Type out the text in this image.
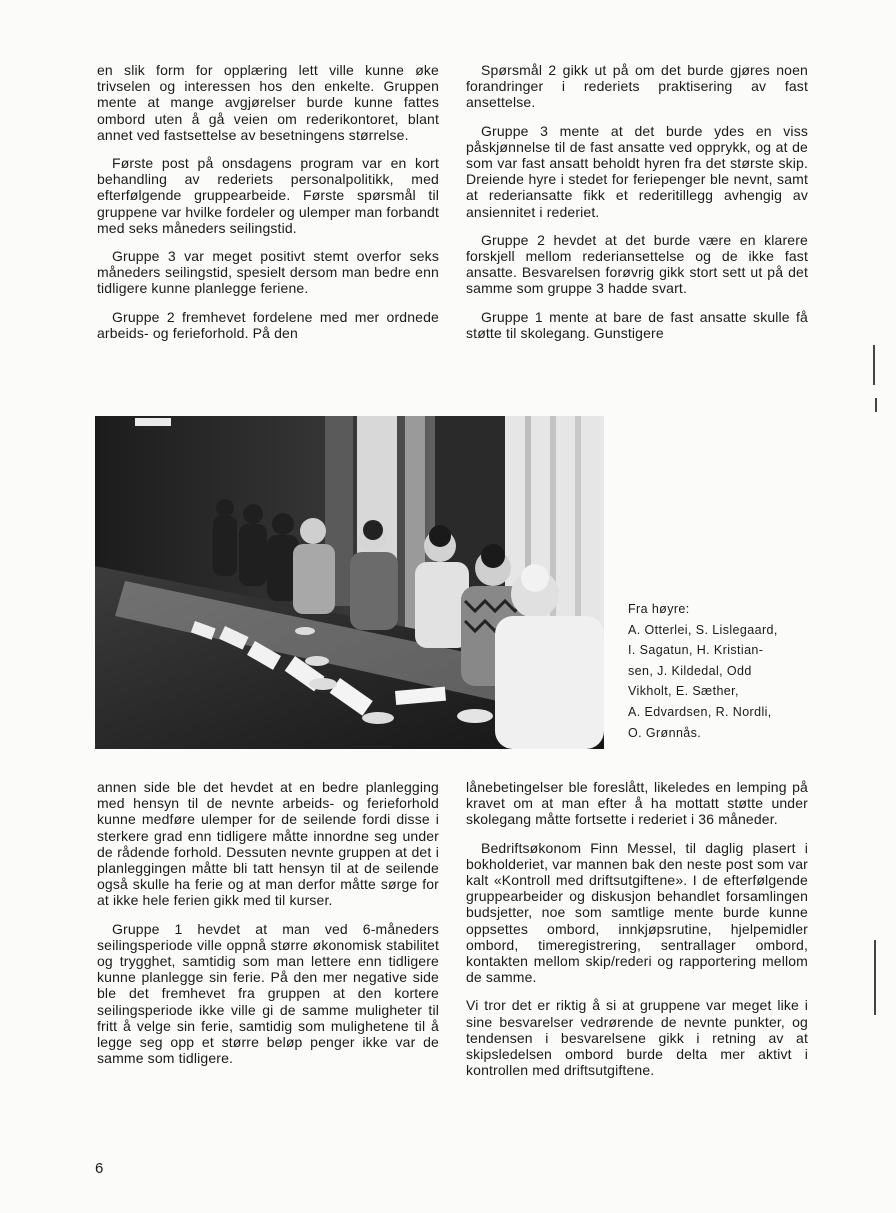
en slik form for opplæring lett ville kunne øke trivselen og interessen hos den enkelte. Gruppen mente at mange avgjørelser burde kunne fattes ombord uten å gå veien om rederikontoret, blant annet ved fastsettelse av besetningens størrelse.

Første post på onsdagens program var en kort behandling av rederiets personalpolitikk, med efterfølgende gruppearbeide. Første spørsmål til gruppene var hvilke fordeler og ulemper man forbandt med seks måneders seilingstid.

Gruppe 3 var meget positivt stemt overfor seks måneders seilingstid, spesielt dersom man bedre enn tidligere kunne planlegge feriene.

Gruppe 2 fremhevet fordelene med mer ordnede arbeids- og ferieforhold. På den

Spørsmål 2 gikk ut på om det burde gjøres noen forandringer i rederiets praktisering av fast ansettelse.

Gruppe 3 mente at det burde ydes en viss påskjønnelse til de fast ansatte ved opprykk, og at de som var fast ansatt beholdt hyren fra det største skip. Dreiende hyre i stedet for feriepenger ble nevnt, samt at rederiansatte fikk et rederitillegg avhengig av ansiennitet i rederiet.

Gruppe 2 hevdet at det burde være en klarere forskjell mellom rederiansettelse og de ikke fast ansatte. Besvarelsen forøvrig gikk stort sett ut på det samme som gruppe 3 hadde svart.

Gruppe 1 mente at bare de fast ansatte skulle få støtte til skolegang. Gunstigere

Fra høyre:
A. Otterlei, S. Lislegaard,
I. Sagatun, H. Kristian-
sen, J. Kildedal, Odd
Vikholt, E. Sæther,
A. Edvardsen, R. Nordli,
O. Grønnås.

annen side ble det hevdet at en bedre planlegging med hensyn til de nevnte arbeids- og ferieforhold kunne medføre ulemper for de seilende fordi disse i sterkere grad enn tidligere måtte innordne seg under de rådende forhold. Dessuten nevnte gruppen at det i planleggingen måtte bli tatt hensyn til at de seilende også skulle ha ferie og at man derfor måtte sørge for at ikke hele ferien gikk med til kurser.

Gruppe 1 hevdet at man ved 6-måneders seilingsperiode ville oppnå større økonomisk stabilitet og trygghet, samtidig som man lettere enn tidligere kunne planlegge sin ferie. På den mer negative side ble det fremhevet fra gruppen at den kortere seilingsperiode ikke ville gi de samme muligheter til fritt å velge sin ferie, samtidig som mulighetene til å legge seg opp et større beløp penger ikke var de samme som tidligere.

lånebetingelser ble foreslått, likeledes en lemping på kravet om at man efter å ha mottatt støtte under skolegang måtte fortsette i rederiet i 36 måneder.

Bedriftsøkonom Finn Messel, til daglig plasert i bokholderiet, var mannen bak den neste post som var kalt «Kontroll med driftsutgiftene». I de efterfølgende gruppearbeider og diskusjon behandlet forsamlingen budsjetter, noe som samtlige mente burde kunne oppsettes ombord, innkjøpsrutine, hjelpemidler ombord, timeregistrering, sentrallager ombord, kontakten mellom skip/rederi og rapportering mellom de samme.

Vi tror det er riktig å si at gruppene var meget like i sine besvarelser vedrørende de nevnte punkter, og tendensen i besvarelsene gikk i retning av at skipsledelsen ombord burde delta mer aktivt i kontrollen med driftsutgiftene.

6
